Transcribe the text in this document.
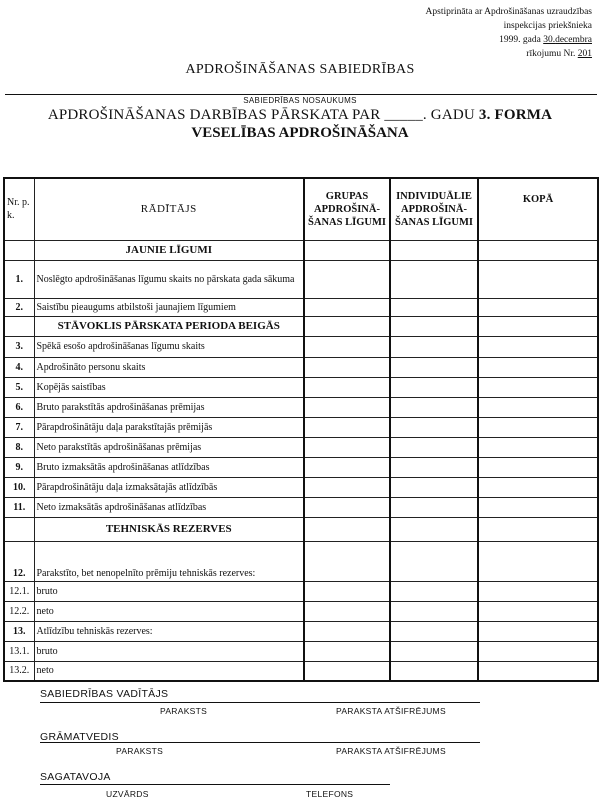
Apstiprināta ar Apdrošināšanas uzraudzības
inspekcijas priekšnieka
1999. gada 30.decembra
rīkojumu Nr. 201
APDROŠINĀŠANAS SABIEDRĪBAS
SABIEDRĪBAS NOSAUKUMS
APDROŠINĀŠANAS DARBĪBAS PĀRSKATA PAR _____. GADU 3. FORMA
VESELĪBAS APDROŠINĀŠANA
Nr. p. k.	RĀDĪTĀJS	GRUPAS APDROŠINĀ-ŠANAS LĪGUMI	INDIVIDUĀLIE APDROŠINĀ-ŠANAS LĪGUMI	KOPĀ
	JAUNIE LĪGUMI			
1.	Noslēgto apdrošināšanas līgumu skaits no pārskata gada sākuma			
2.	Saistību pieaugums atbilstoši jaunajiem līgumiem			
	STĀVOKLIS PĀRSKATA PERIODA BEIGĀS			
3.	Spēkā esošo apdrošināšanas līgumu skaits			
4.	Apdrošināto personu skaits			
5.	Kopējās saistības			
6.	Bruto parakstītās apdrošināšanas prēmijas			
7.	Pārapdrošinātāju daļa parakstītajās prēmijās			
8.	Neto parakstītās apdrošināšanas prēmijas			
9.	Bruto izmaksātās apdrošināšanas atlīdzības			
10.	Pārapdrošinātāju daļa izmaksātajās atlīdzībās			
11.	Neto izmaksātās apdrošināšanas atlīdzības			
	TEHNISKĀS REZERVES			
12.	Parakstīto, bet nenopelnīto prēmiju tehniskās rezerves:			
12.1.	bruto			
12.2.	neto			
13.	Atlīdzību tehniskās rezerves:			
13.1.	bruto			
13.2.	neto			
SABIEDRĪBAS VADĪTĀJS
PARAKSTS	PARAKSTA ATŠIFRĒJUMS
GRĀMATVEDIS
PARAKSTS	PARAKSTA ATŠIFRĒJUMS
SAGATAVOJA
UZVĀRDS	TELEFONS
